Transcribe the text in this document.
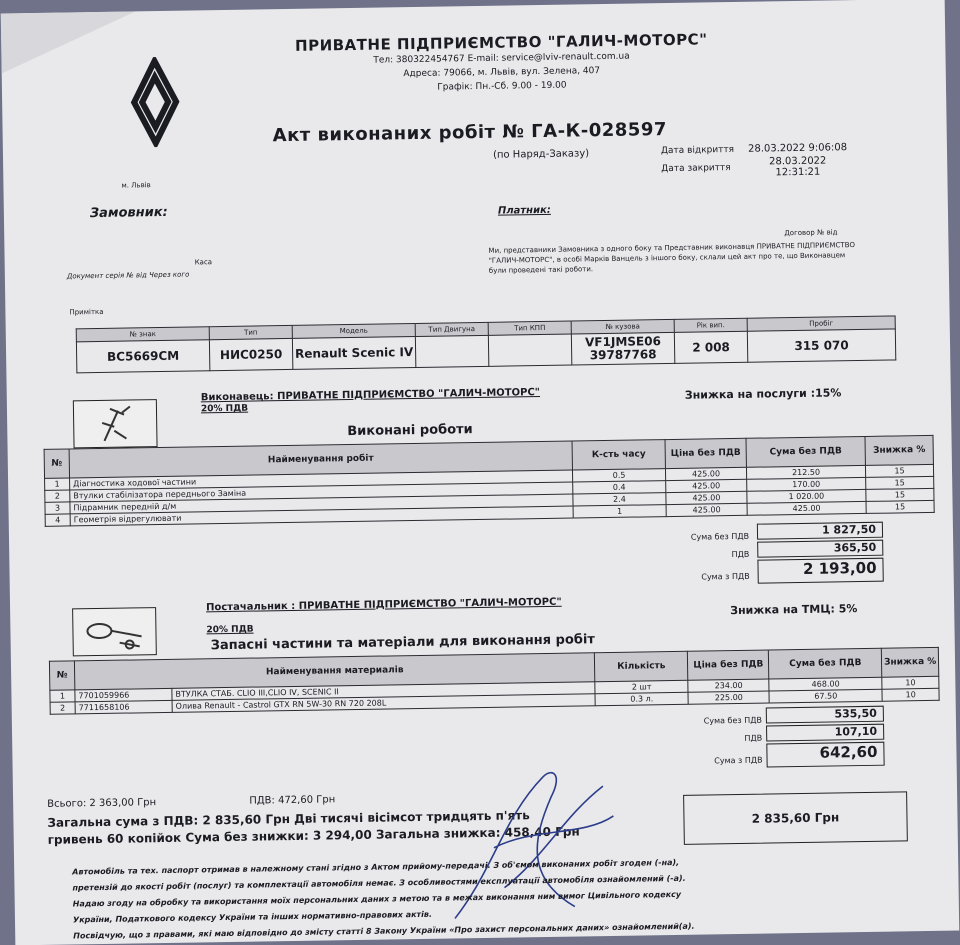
ПРИВАТНЕ ПІДПРИЄМСТВО "ГАЛИЧ-МОТОРС"
Тел: 380322454767 E-mail: service@lviv-renault.com.ua
Адреса: 79066, м. Львів, вул. Зелена, 407
Графік: Пн.-Сб. 9.00 - 19.00
Акт виконаних робіт № ГА-К-028597
(по Наряд-Заказу)	Дата відкриття	28.03.2022 9:06:08
Дата закриття	28.03.2022
12:31:21
м. Львів
Замовник:	Платник:
Договор № від
Каса
Документ серія № від Через кого
Примітка
Ми, представники Замовника з одного боку та Представник виконавця ПРИВАТНЕ ПІДПРИЄМСТВО "ГАЛИЧ-МОТОРС", в особі Марків Ванцель з іншого боку, склали цей акт про те, що Виконавцем були проведені такі роботи.
№ знак	Тип	Модель	Тип Двигуна	Тип КПП	№ кузова	Рік вип.	Пробіг
BC5669CM	HИC0250	Renault Scenic IV			VF1JMSE06 39787768	2 008	315 070
Виконавець: ПРИВАТНЕ ПІДПРИЄМСТВО "ГАЛИЧ-МОТОРС"
20% ПДВ
Знижка на послуги :15%
Виконані роботи
№	Найменування робіт	К-сть часу	Ціна без ПДВ	Сума без ПДВ	Знижка %
1	Діагностика ходової частини	0.5	425.00	212.50	15
2	Втулки стабілізатора переднього Заміна	0.4	425.00	170.00	15
3	Підрамник передній д/м	2.4	425.00	1 020.00	15
4	Геометрія відрегулювати	1	425.00	425.00	15
Сума без ПДВ
1 827,50
ПДВ	365,50
Сума з ПДВ	2 193,00
Постачальник : ПРИВАТНЕ ПІДПРИЄМСТВО "ГАЛИЧ-МОТОРС"

20% ПДВ
Знижка на ТМЦ: 5%
Запасні частини та матеріали для виконання робіт
№	Найменування материалів		Кількість	Ціна без ПДВ	Сума без ПДВ	Знижка %
1	7701059966	ВТУЛКА СТАБ. CLIO III,CLIO IV, SCENIC II	2 шт	234.00	468.00	10
2	7711658106	Олива Renault - Castrol GTX RN 5W-30 RN 720 208L	0.3 л.	225.00	67.50	10
Сума без ПДВ
535,50
ПДВ	107,10
Сума з ПДВ	642,60
Всього: 2 363,00 Грн	ПДВ: 472,60 Грн
Загальна сума з ПДВ: 2 835,60 Грн Дві тисячі вісімсот тридцять п'ять
гривень 60 копійок Сума без знижки: 3 294,00 Загальна знижка: 458,40 Грн
2 835,60 Грн
Автомобіль та тех. паспорт отримав в належному стані згідно з Актом прийому-передачі. З об'ємом виконаних робіт згоден (-на),
претензій до якості робіт (послуг) та комплектації автомобіля немає. З особливостями експлуатації автомобіля ознайомлений (-а).
Надаю згоду на обробку та використання моїх персональних даних з метою та в межах виконання ним вимог Цивільного кодексу
України, Податкового кодексу України та інших нормативно-правових актів.
Посвідчую, що з правами, які маю відповідно до змісту статті 8 Закону України «Про захист персональних даних» ознайомлений(а).
